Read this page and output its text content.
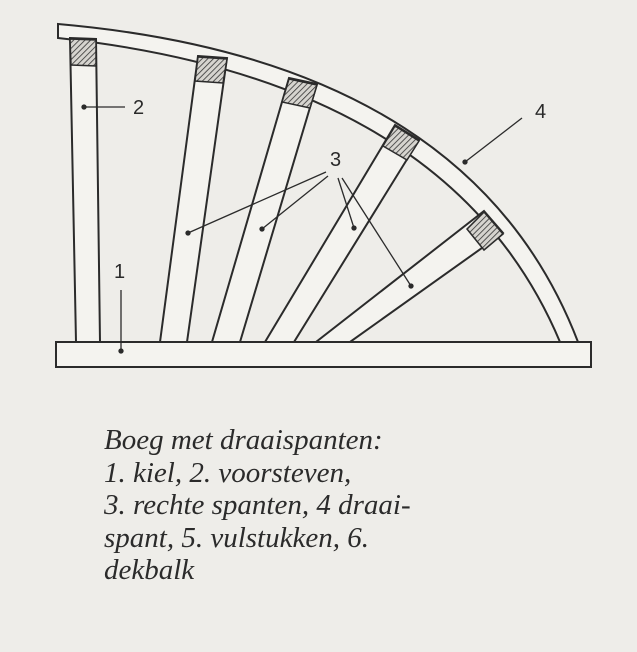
2
1
3
4

Boeg met draaispanten:
1. kiel, 2. voorsteven,
3. rechte spanten, 4 draai-
spant, 5. vulstukken, 6.
dekbalk
